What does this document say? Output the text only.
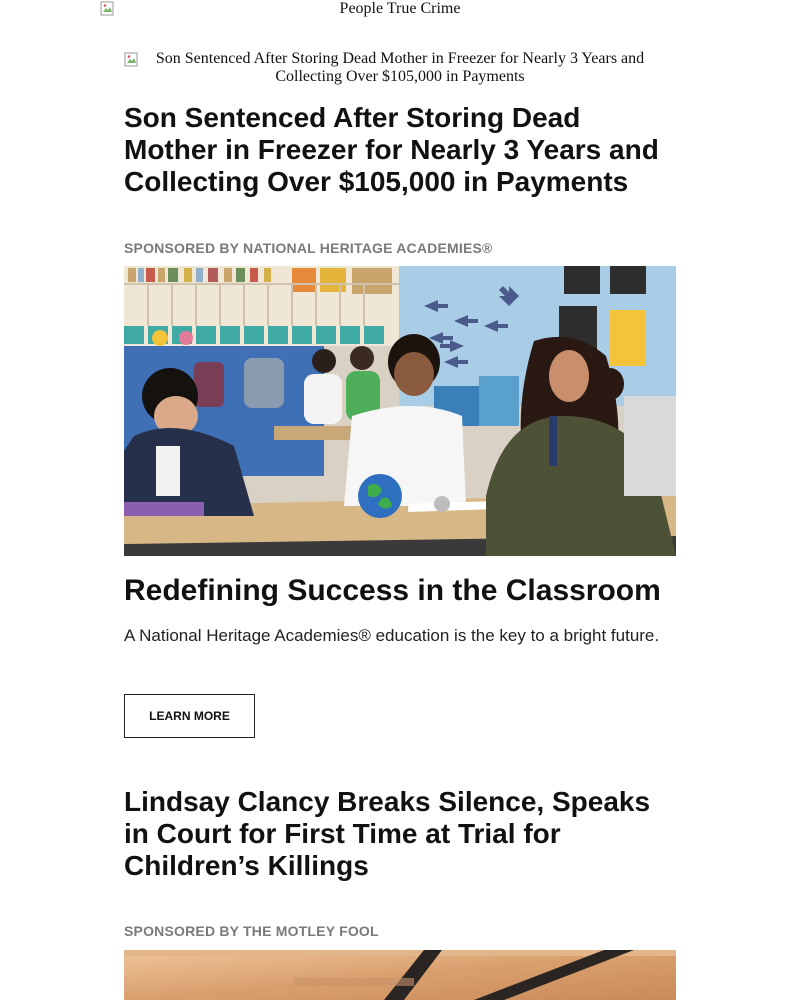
People True Crime
Son Sentenced After Storing Dead Mother in Freezer for Nearly 3 Years and Collecting Over $105,000 in Payments
Son Sentenced After Storing Dead Mother in Freezer for Nearly 3 Years and Collecting Over $105,000 in Payments
SPONSORED BY NATIONAL HERITAGE ACADEMIES®
Redefining Success in the Classroom
A National Heritage Academies® education is the key to a bright future.
LEARN MORE
Lindsay Clancy Breaks Silence, Speaks in Court for First Time at Trial for Children’s Killings
SPONSORED BY THE MOTLEY FOOL
